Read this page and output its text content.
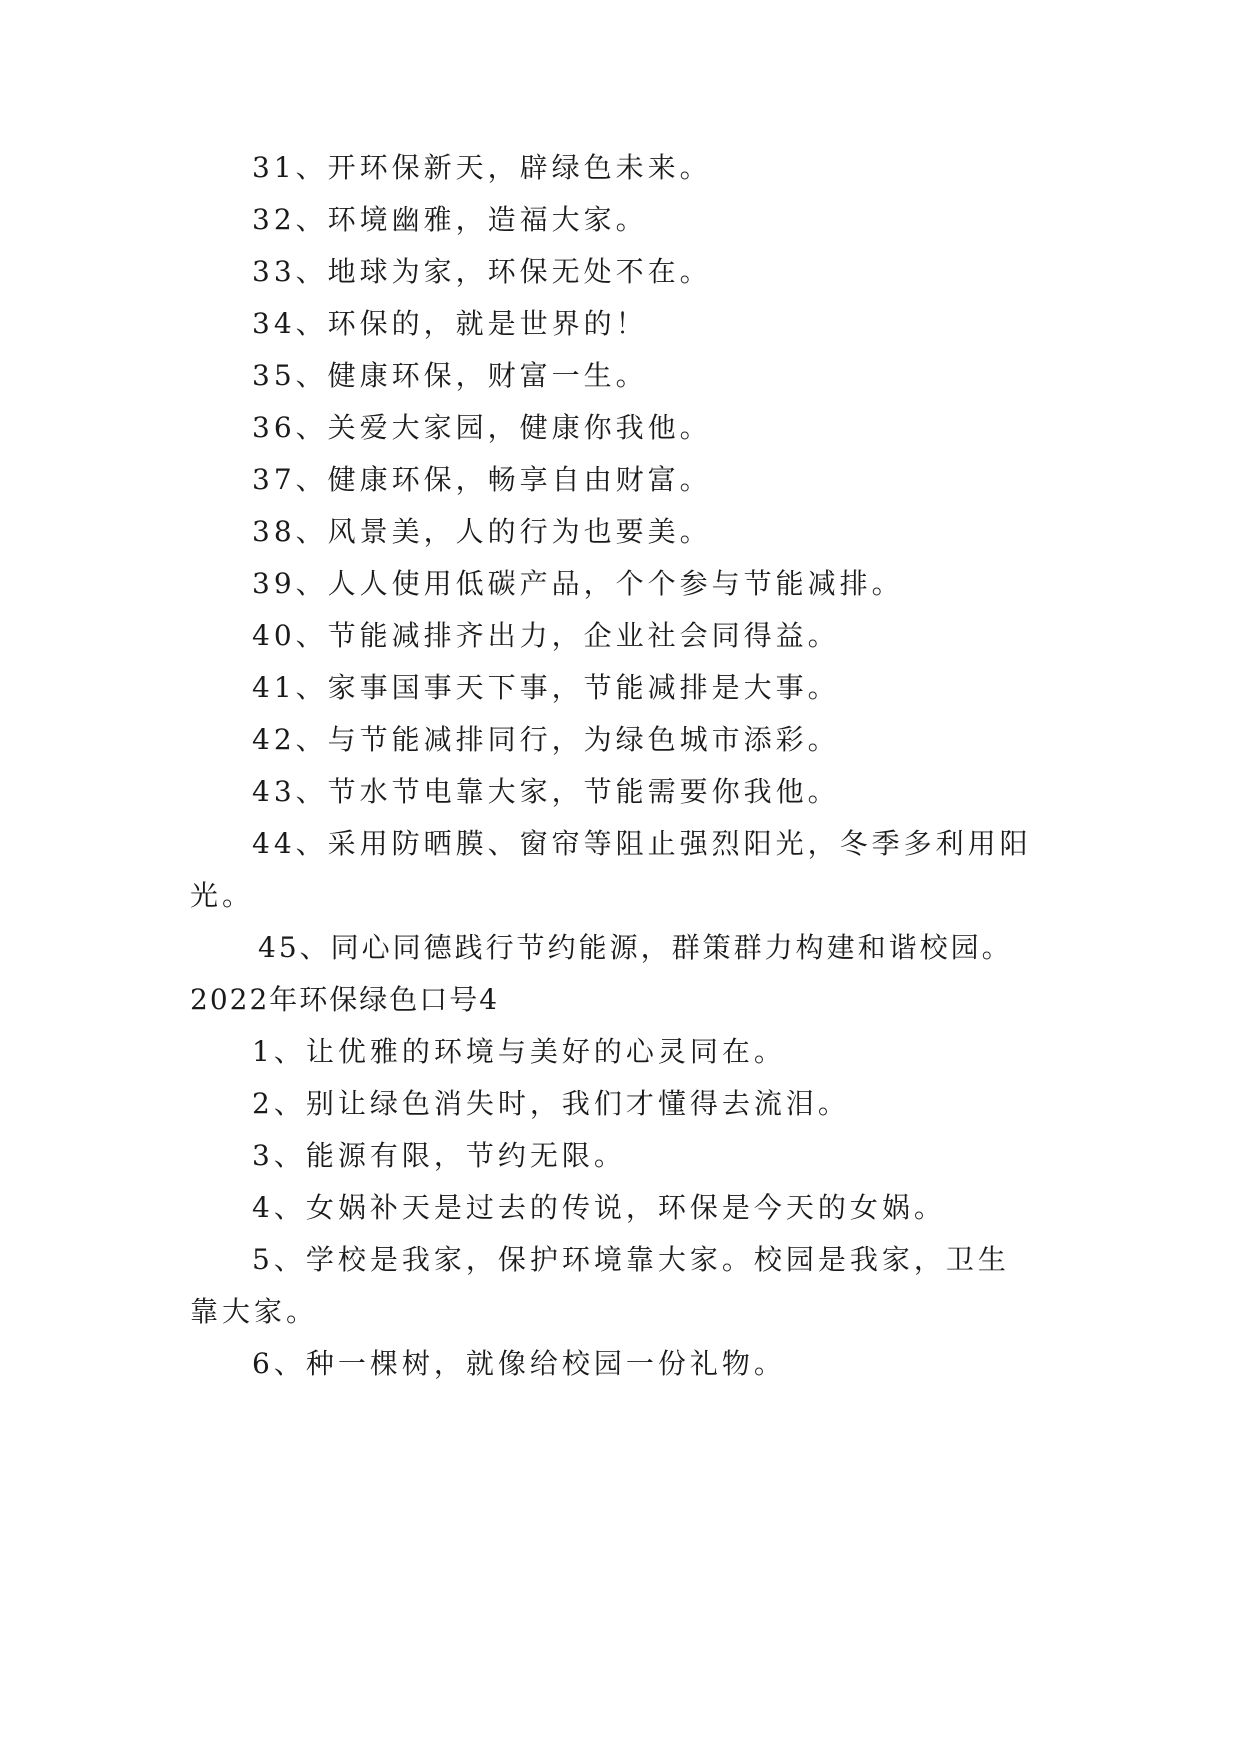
31、开环保新天，辟绿色未来。
32、环境幽雅，造福大家。
33、地球为家，环保无处不在。
34、环保的，就是世界的！
35、健康环保，财富一生。
36、关爱大家园，健康你我他。
37、健康环保，畅享自由财富。
38、风景美，人的行为也要美。
39、人人使用低碳产品，个个参与节能减排。
40、节能减排齐出力，企业社会同得益。
41、家事国事天下事，节能减排是大事。
42、与节能减排同行，为绿色城市添彩。
43、节水节电靠大家，节能需要你我他。
44、采用防晒膜、窗帘等阻止强烈阳光，冬季多利用阳
光。
45、同心同德践行节约能源，群策群力构建和谐校园。
2022年环保绿色口号4
1、让优雅的环境与美好的心灵同在。
2、别让绿色消失时，我们才懂得去流泪。
3、能源有限，节约无限。
4、女娲补天是过去的传说，环保是今天的女娲。
5、学校是我家，保护环境靠大家。校园是我家，卫生
靠大家。
6、种一棵树，就像给校园一份礼物。
